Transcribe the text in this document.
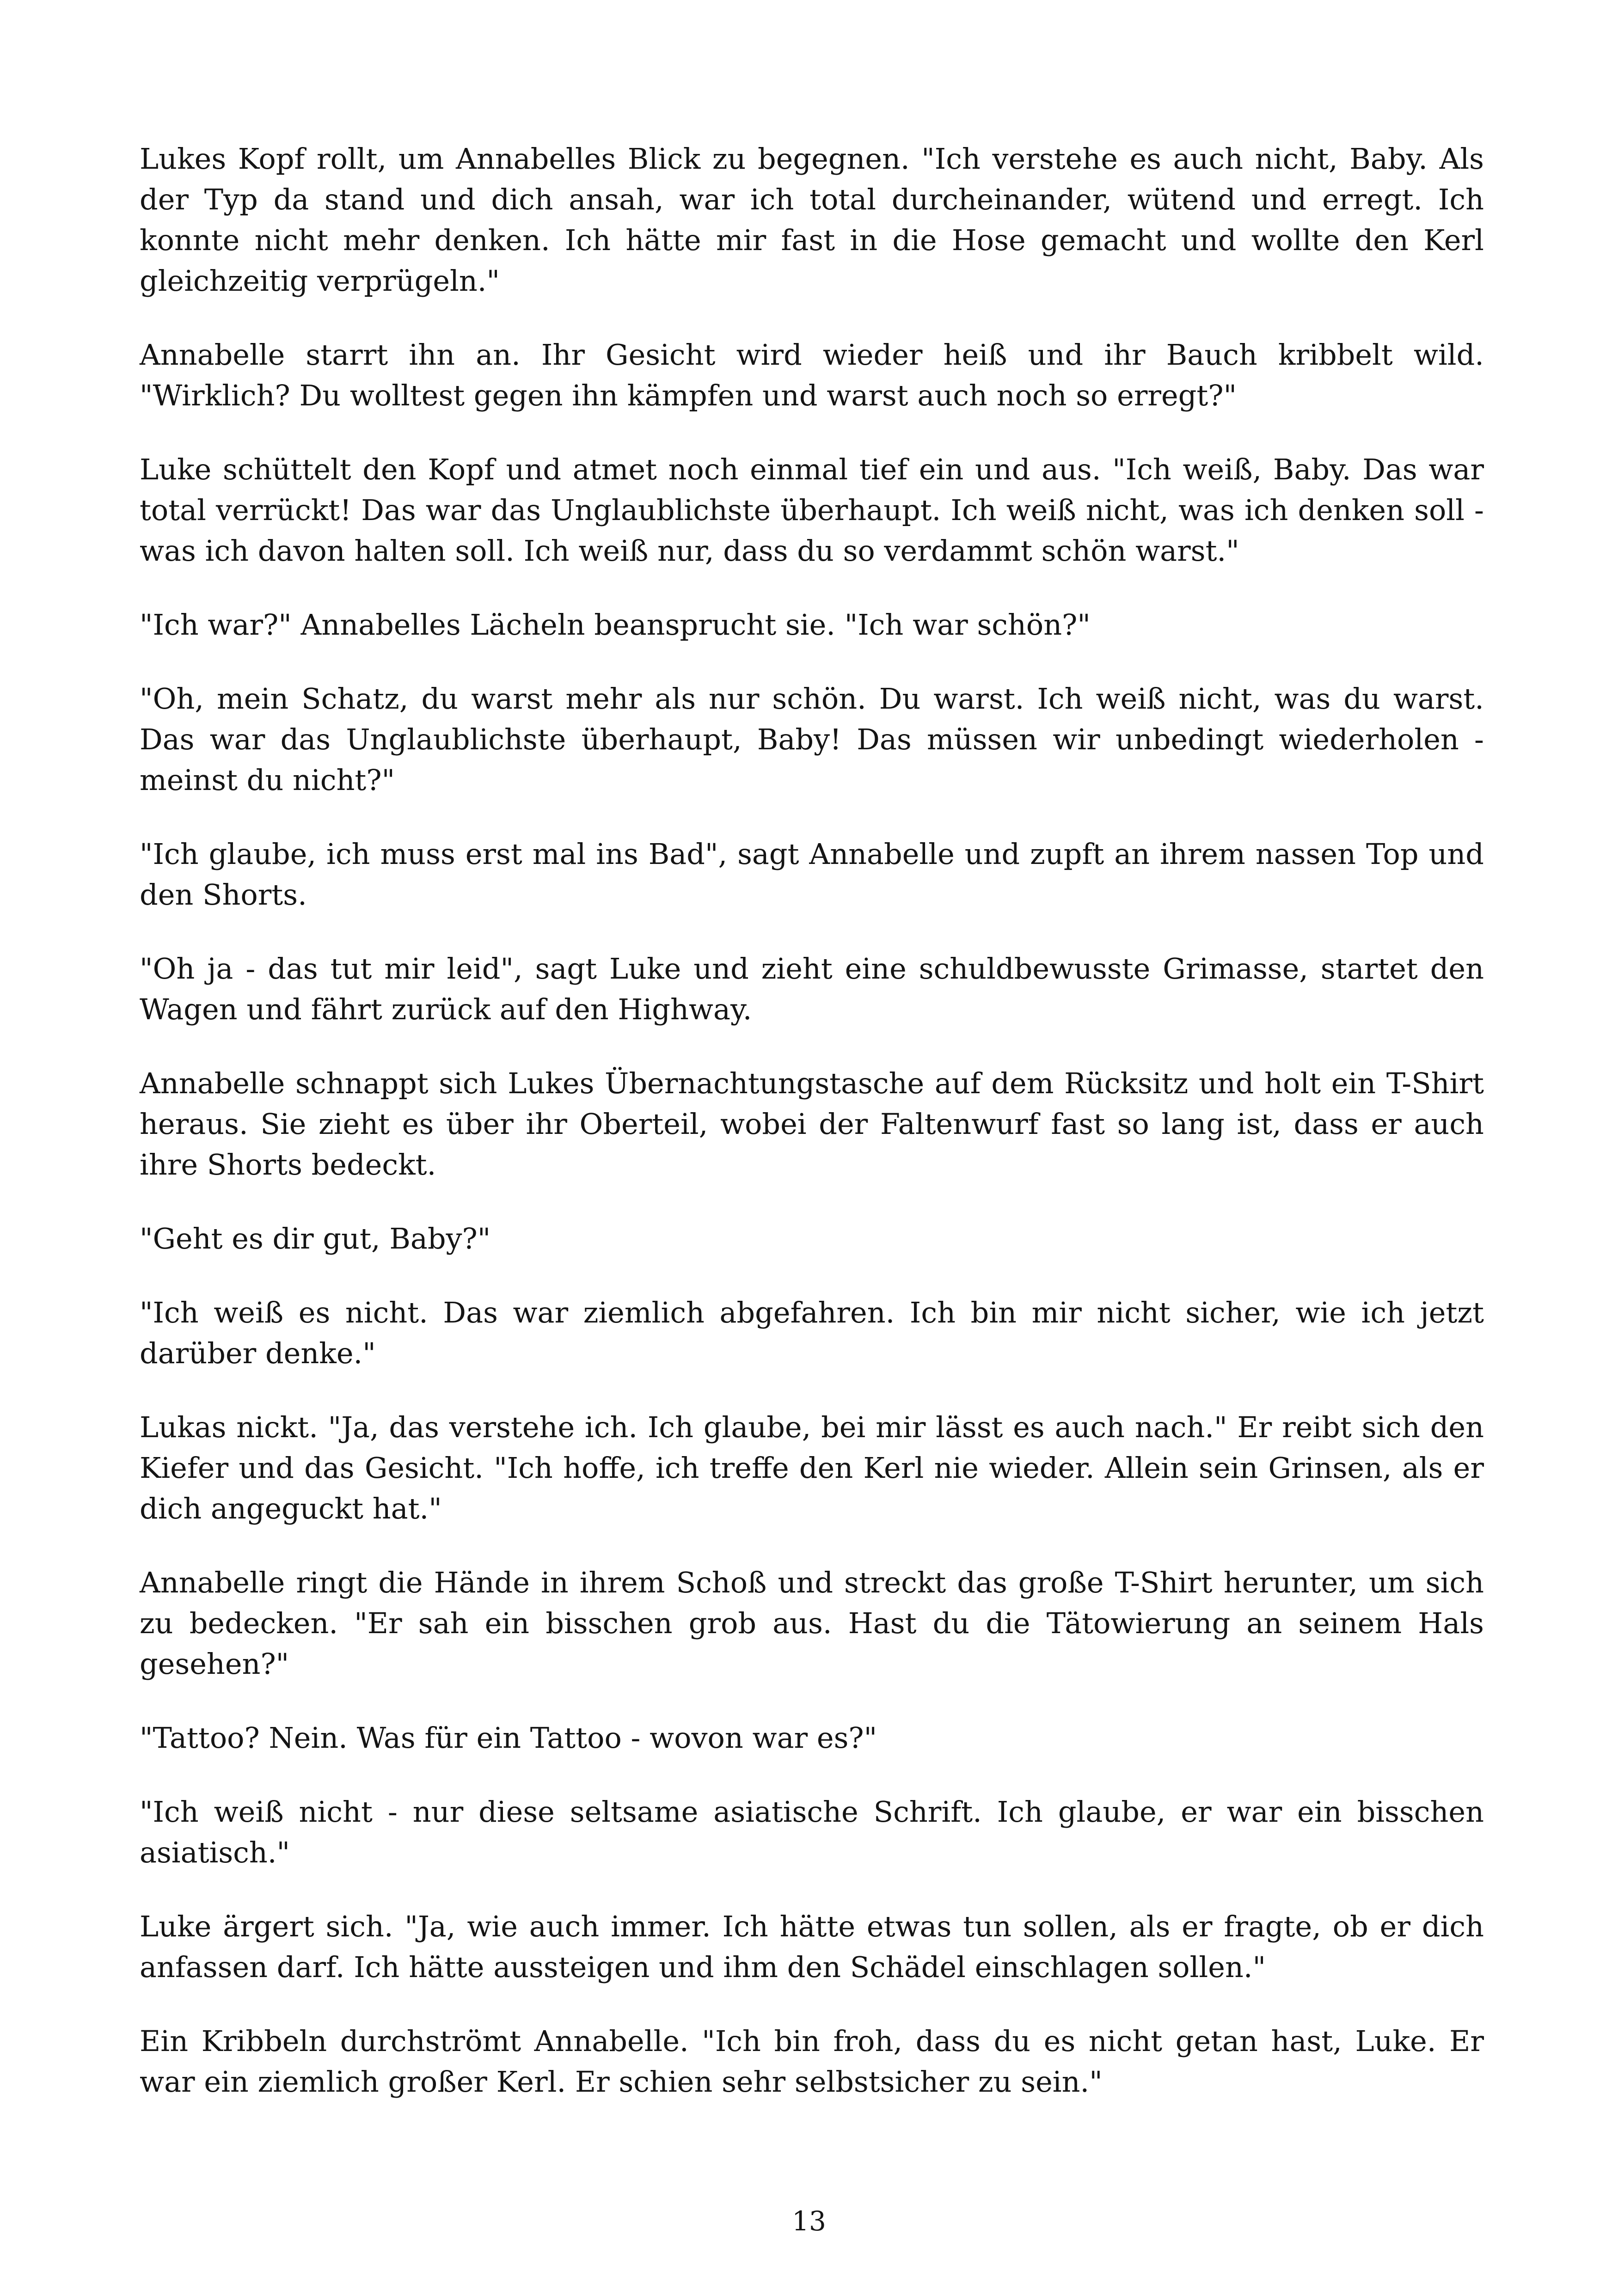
Lukes Kopf rollt, um Annabelles Blick zu begegnen. "Ich verstehe es auch nicht, Baby. Als der Typ da stand und dich ansah, war ich total durcheinander, wütend und erregt. Ich konnte nicht mehr denken. Ich hätte mir fast in die Hose gemacht und wollte den Kerl gleichzeitig verprügeln."

Annabelle starrt ihn an. Ihr Gesicht wird wieder heiß und ihr Bauch kribbelt wild. "Wirklich? Du wolltest gegen ihn kämpfen und warst auch noch so erregt?"

Luke schüttelt den Kopf und atmet noch einmal tief ein und aus. "Ich weiß, Baby. Das war total verrückt! Das war das Unglaublichste überhaupt. Ich weiß nicht, was ich denken soll - was ich davon halten soll. Ich weiß nur, dass du so verdammt schön warst."

"Ich war?" Annabelles Lächeln beansprucht sie. "Ich war schön?"

"Oh, mein Schatz, du warst mehr als nur schön. Du warst. Ich weiß nicht, was du warst. Das war das Unglaublichste überhaupt, Baby! Das müssen wir unbedingt wiederholen - meinst du nicht?"

"Ich glaube, ich muss erst mal ins Bad", sagt Annabelle und zupft an ihrem nassen Top und den Shorts.

"Oh ja - das tut mir leid", sagt Luke und zieht eine schuldbewusste Grimasse, startet den Wagen und fährt zurück auf den Highway.

Annabelle schnappt sich Lukes Übernachtungstasche auf dem Rücksitz und holt ein T-Shirt heraus. Sie zieht es über ihr Oberteil, wobei der Faltenwurf fast so lang ist, dass er auch ihre Shorts bedeckt.

"Geht es dir gut, Baby?"

"Ich weiß es nicht. Das war ziemlich abgefahren. Ich bin mir nicht sicher, wie ich jetzt darüber denke."

Lukas nickt. "Ja, das verstehe ich. Ich glaube, bei mir lässt es auch nach." Er reibt sich den Kiefer und das Gesicht. "Ich hoffe, ich treffe den Kerl nie wieder. Allein sein Grinsen, als er dich angeguckt hat."

Annabelle ringt die Hände in ihrem Schoß und streckt das große T-Shirt herunter, um sich zu bedecken. "Er sah ein bisschen grob aus. Hast du die Tätowierung an seinem Hals gesehen?"

"Tattoo? Nein. Was für ein Tattoo - wovon war es?"

"Ich weiß nicht - nur diese seltsame asiatische Schrift. Ich glaube, er war ein bisschen asiatisch."

Luke ärgert sich. "Ja, wie auch immer. Ich hätte etwas tun sollen, als er fragte, ob er dich anfassen darf. Ich hätte aussteigen und ihm den Schädel einschlagen sollen."

Ein Kribbeln durchströmt Annabelle. "Ich bin froh, dass du es nicht getan hast, Luke. Er war ein ziemlich großer Kerl. Er schien sehr selbstsicher zu sein."

13
